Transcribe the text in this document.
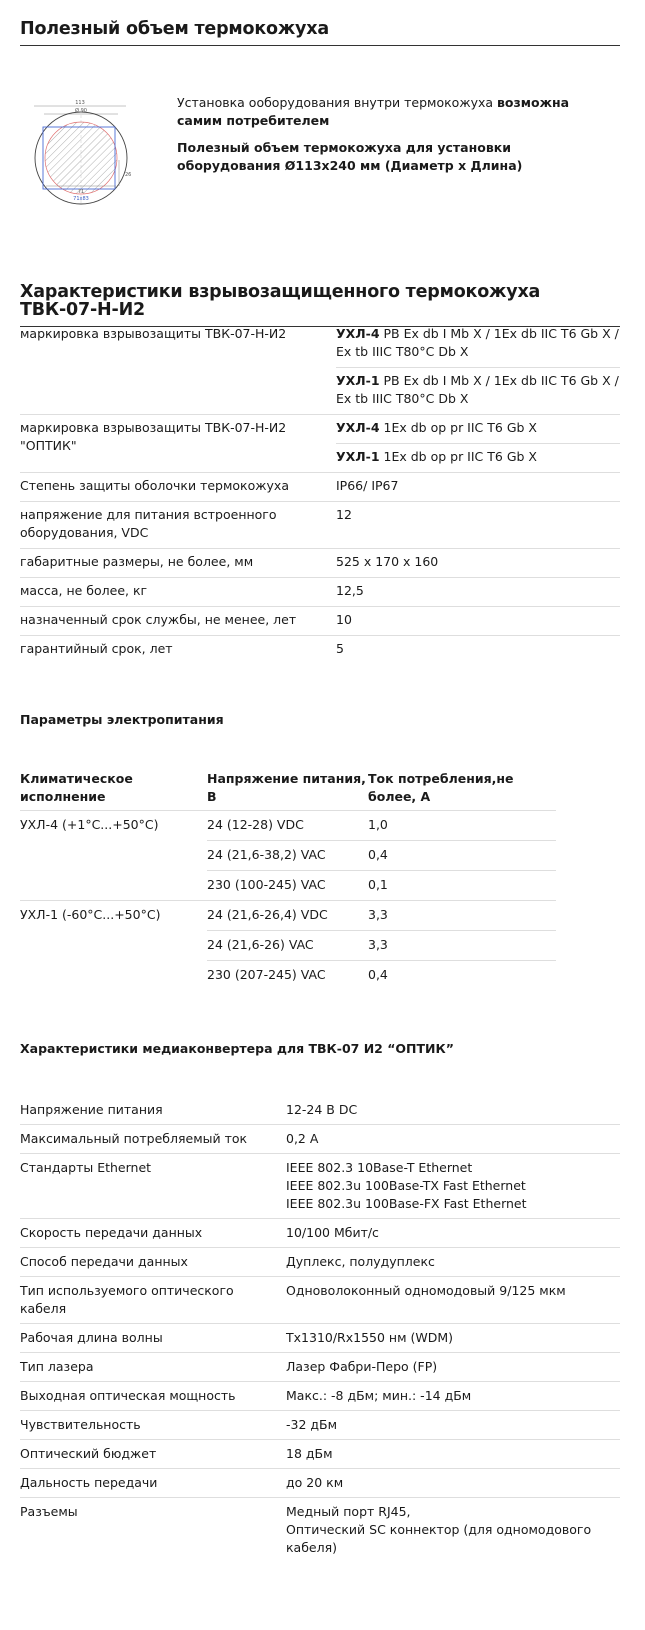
Полезный объем термокожуха
113
Ø 90
71
71x83
26

Установка ооборудования внутри термокожуха возможна самим потребителем

Полезный объем термокожуха для установки оборудования Ø113x240 мм (Диаметр х Длина)

Характеристики взрывозащищенного термокожуха ТВК-07-Н-И2
маркировка взрывозащиты ТВК-07-Н-И2	УХЛ-4 PB Ex db I Mb X / 1Ex db IIC T6 Gb X / Ex tb IIIC T80°C Db X
	УХЛ-1 PB Ex db I Mb X / 1Ex db IIC T6 Gb X / Ex tb IIIC T80°C Db X
маркировка взрывозащиты ТВК-07-Н-И2 "ОПТИК"	УХЛ-4 1Ex db op pr IIC T6 Gb X
	УХЛ-1 1Ex db op pr IIC T6 Gb X
Степень защиты оболочки термокожуха	IP66/ IP67
напряжение для питания встроенного оборудования, VDC	12
габаритные размеры, не более, мм	525 x 170 x 160
масса, не более, кг	12,5
назначенный срок службы, не менее, лет	10
гарантийный срок, лет	5
Параметры электропитания
Климатическое исполнение	Напряжение питания, В	Ток потребления,не более, А
УХЛ-4 (+1°С...+50°С)	24 (12-28) VDC	1,0
	24 (21,6-38,2) VAC	0,4
	230 (100-245) VAC	0,1
УХЛ-1 (-60°С...+50°С)	24 (21,6-26,4) VDC	3,3
	24 (21,6-26) VAC	3,3
	230 (207-245) VAC	0,4
Характеристики медиаконвертера для ТВК-07 И2 “ОПТИК”
Напряжение питания	12-24 В DC

Максимальный потребляемый ток	0,2 А

Стандарты Ethernet	IEEE 802.3 10Base-T Ethernet
IEEE 802.3u 100Base-TX Fast Ethernet
IEEE 802.3u 100Base-FX Fast Ethernet

Скорость передачи данных	10/100 Мбит/с

Способ передачи данных	Дуплекс, полудуплекс

Тип используемого оптического кабеля	Одноволоконный одномодовый 9/125 мкм

Рабочая длина волны	Tx1310/Rx1550 нм (WDM)

Тип лазера	Лазер Фабри-Перо (FP)

Выходная оптическая мощность	Макс.: -8 дБм; мин.: -14 дБм

Чувствительность	-32 дБм

Оптический бюджет	18 дБм

Дальность передачи	до 20 км

Разъемы	Медный порт RJ45,
Оптический SC коннектор (для одномодового кабеля)
